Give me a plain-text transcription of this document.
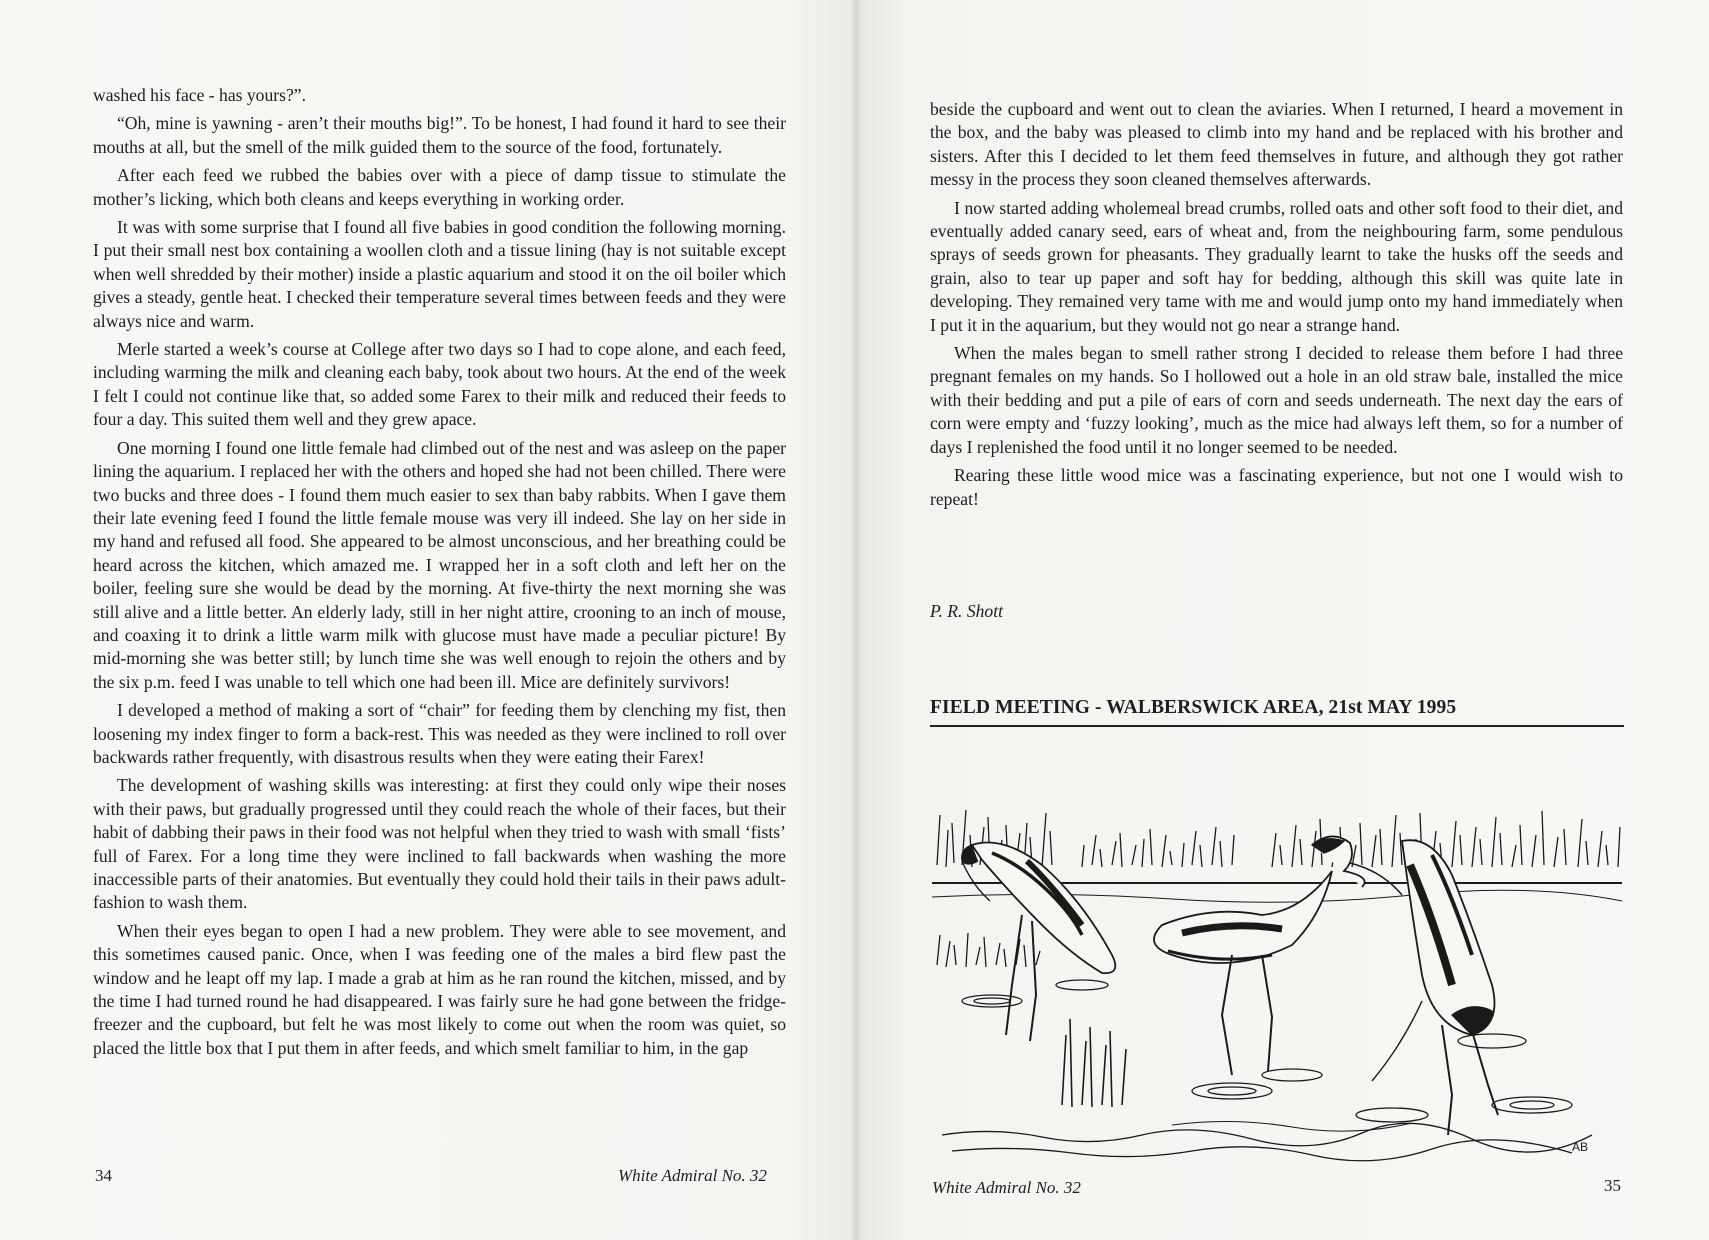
washed his face - has yours?”.

“Oh, mine is yawning - aren’t their mouths big!”. To be honest, I had found it hard to see their mouths at all, but the smell of the milk guided them to the source of the food, fortunately.

After each feed we rubbed the babies over with a piece of damp tissue to stimulate the mother’s licking, which both cleans and keeps everything in working order.

It was with some surprise that I found all five babies in good condition the following morning. I put their small nest box containing a woollen cloth and a tissue lining (hay is not suitable except when well shredded by their mother) inside a plastic aquarium and stood it on the oil boiler which gives a steady, gentle heat. I checked their temperature several times between feeds and they were always nice and warm.

Merle started a week’s course at College after two days so I had to cope alone, and each feed, including warming the milk and cleaning each baby, took about two hours. At the end of the week I felt I could not continue like that, so added some Farex to their milk and reduced their feeds to four a day. This suited them well and they grew apace.

One morning I found one little female had climbed out of the nest and was asleep on the paper lining the aquarium. I replaced her with the others and hoped she had not been chilled. There were two bucks and three does - I found them much easier to sex than baby rabbits. When I gave them their late evening feed I found the little female mouse was very ill indeed. She lay on her side in my hand and refused all food. She appeared to be almost unconscious, and her breathing could be heard across the kitchen, which amazed me. I wrapped her in a soft cloth and left her on the boiler, feeling sure she would be dead by the morning. At five-thirty the next morning she was still alive and a little better. An elderly lady, still in her night attire, crooning to an inch of mouse, and coaxing it to drink a little warm milk with glucose must have made a peculiar picture! By mid-morning she was better still; by lunch time she was well enough to rejoin the others and by the six p.m. feed I was unable to tell which one had been ill. Mice are definitely survivors!

I developed a method of making a sort of “chair” for feeding them by clenching my fist, then loosening my index finger to form a back-rest. This was needed as they were inclined to roll over backwards rather frequently, with disastrous results when they were eating their Farex!

The development of washing skills was interesting: at first they could only wipe their noses with their paws, but gradually progressed until they could reach the whole of their faces, but their habit of dabbing their paws in their food was not helpful when they tried to wash with small ‘fists’ full of Farex. For a long time they were inclined to fall backwards when washing the more inaccessible parts of their anatomies. But eventually they could hold their tails in their paws adult-fashion to wash them.

When their eyes began to open I had a new problem. They were able to see movement, and this sometimes caused panic. Once, when I was feeding one of the males a bird flew past the window and he leapt off my lap. I made a grab at him as he ran round the kitchen, missed, and by the time I had turned round he had disappeared. I was fairly sure he had gone between the fridge-freezer and the cupboard, but felt he was most likely to come out when the room was quiet, so placed the little box that I put them in after feeds, and which smelt familiar to him, in the gap

34	White Admiral No. 32

beside the cupboard and went out to clean the aviaries. When I returned, I heard a movement in the box, and the baby was pleased to climb into my hand and be replaced with his brother and sisters. After this I decided to let them feed themselves in future, and although they got rather messy in the process they soon cleaned themselves afterwards.

I now started adding wholemeal bread crumbs, rolled oats and other soft food to their diet, and eventually added canary seed, ears of wheat and, from the neighbouring farm, some pendulous sprays of seeds grown for pheasants. They gradually learnt to take the husks off the seeds and grain, also to tear up paper and soft hay for bedding, although this skill was quite late in developing. They remained very tame with me and would jump onto my hand immediately when I put it in the aquarium, but they would not go near a strange hand.

When the males began to smell rather strong I decided to release them before I had three pregnant females on my hands. So I hollowed out a hole in an old straw bale, installed the mice with their bedding and put a pile of ears of corn and seeds underneath. The next day the ears of corn were empty and ‘fuzzy looking’, much as the mice had always left them, so for a number of days I replenished the food until it no longer seemed to be needed.

Rearing these little wood mice was a fascinating experience, but not one I would wish to repeat!

P. R. Shott
FIELD MEETING - WALBERSWICK AREA, 21st MAY 1995
AB
White Admiral No. 32	35
